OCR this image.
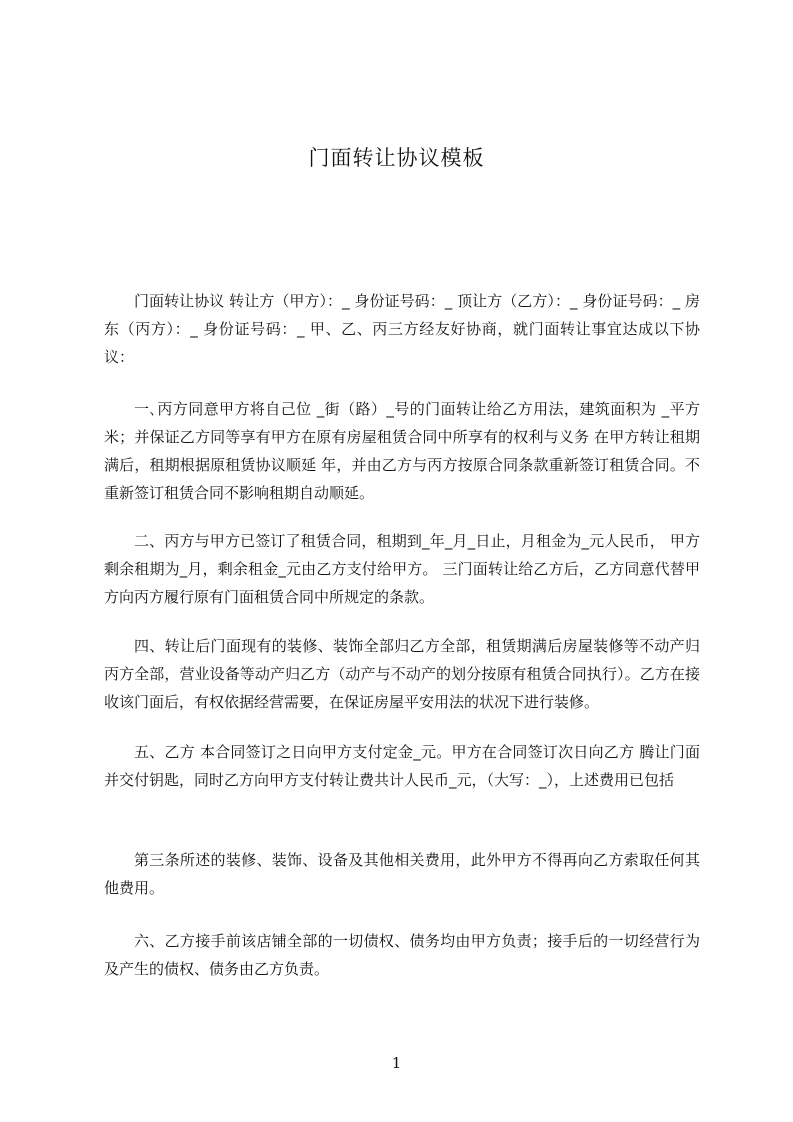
门面转让协议模板

门面转让协议 转让方（甲方）：_ 身份证号码：_ 顶让方（乙方）：_ 身份证号码：_ 房东（丙方）：_ 身份证号码：_ 甲、乙、丙三方经友好协商，就门面转让事宜达成以下协议：

一､丙方同意甲方将自己位 _街（路）_号的门面转让给乙方用法，建筑面积为 _平方米；并保证乙方同等享有甲方在原有房屋租赁合同中所享有的权利与义务 在甲方转让租期满后，租期根据原租赁协议顺延 年，并由乙方与丙方按原合同条款重新签订租赁合同。不重新签订租赁合同不影响租期自动顺延。

二、丙方与甲方已签订了租赁合同，租期到_年_月_日止，月租金为_元人民币， 甲方剩余租期为_月，剩余租金_元由乙方支付给甲方。 三门面转让给乙方后，乙方同意代替甲方向丙方履行原有门面租赁合同中所规定的条款。

四、转让后门面现有的装修、装饰全部归乙方全部，租赁期满后房屋装修等不动产归丙方全部，营业设备等动产归乙方（动产与不动产的划分按原有租赁合同执行）。乙方在接收该门面后，有权依据经营需要，在保证房屋平安用法的状况下进行装修。

五、乙方 本合同签订之日向甲方支付定金_元。甲方在合同签订次日向乙方 腾让门面并交付钥匙，同时乙方向甲方支付转让费共计人民币_元，（大写：_），上述费用已包括

第三条所述的装修、装饰、设备及其他相关费用，此外甲方不得再向乙方索取任何其他费用。

六、乙方接手前该店铺全部的一切债权、债务均由甲方负责；接手后的一切经营行为及产生的债权、债务由乙方负责。

1
